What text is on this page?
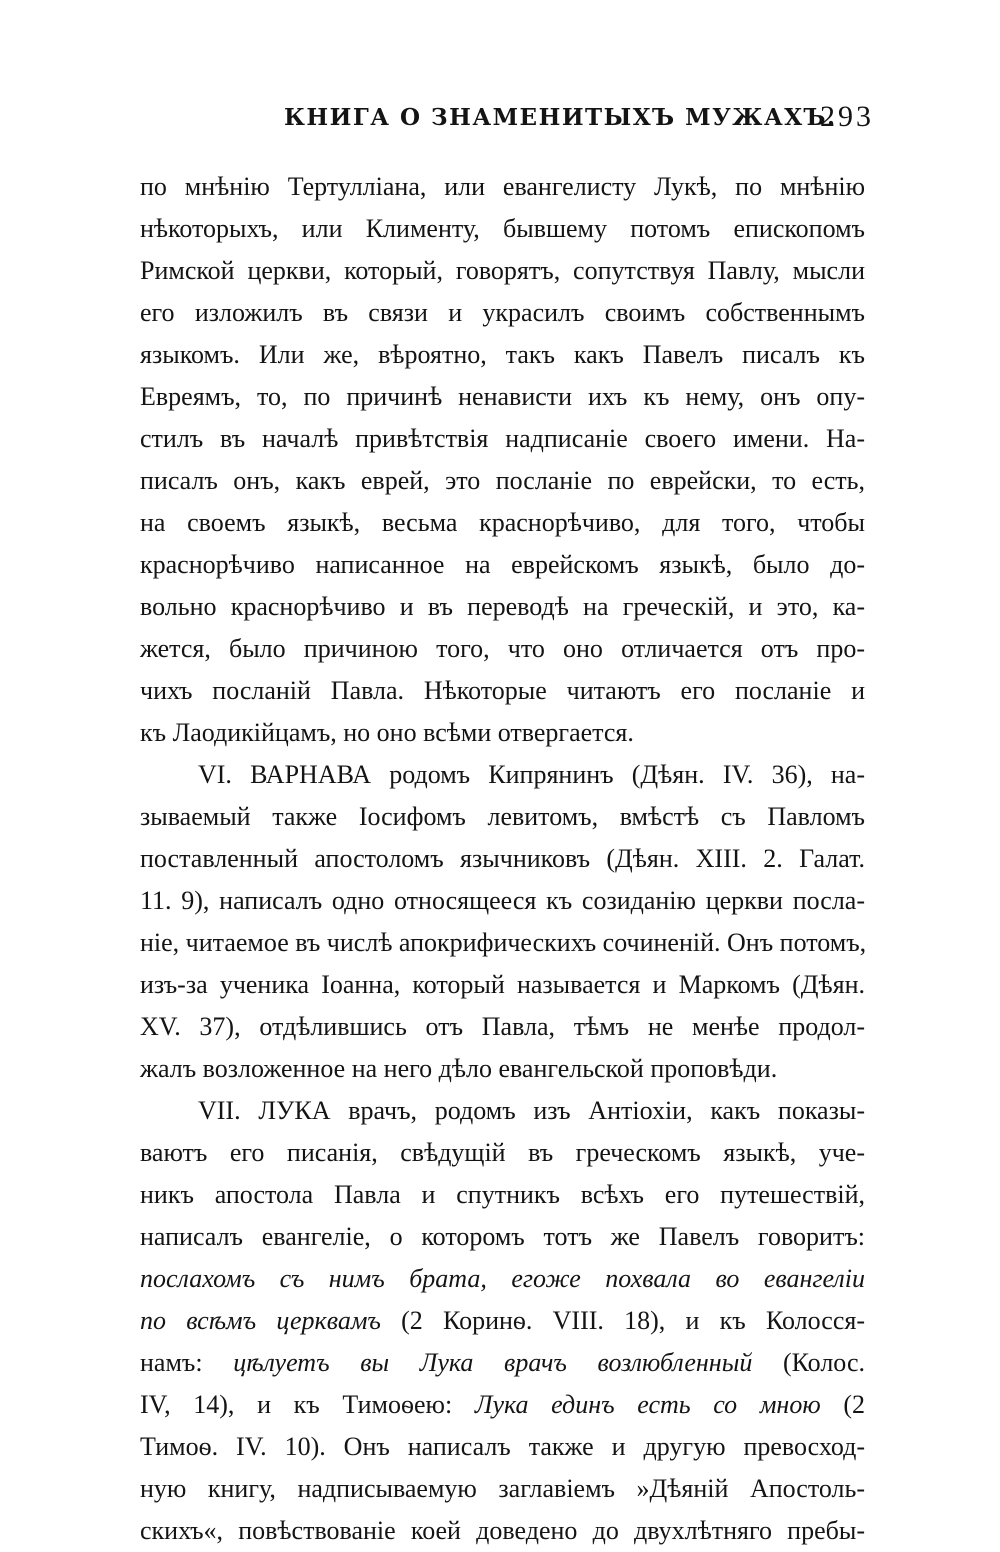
КНИГА О ЗНАМЕНИТЫХЪ МУЖАХЪ.
293
по мнѣнію Тертулліана, или евангелисту Лукѣ, по мнѣнію
нѣкоторыхъ, или Клименту, бывшему потомъ епископомъ
Римской церкви, который, говорятъ, сопутствуя Павлу, мысли
его изложилъ въ связи и украсилъ своимъ собственнымъ
языкомъ. Или же, вѣроятно, такъ какъ Павелъ писалъ къ
Евреямъ, то, по причинѣ ненависти ихъ къ нему, онъ опу-
стилъ въ началѣ привѣтствія надписаніе своего имени. На-
писалъ онъ, какъ еврей, это посланіе по еврейски, то есть,
на своемъ языкѣ, весьма краснорѣчиво, для того, чтобы
краснорѣчиво написанное на еврейскомъ языкѣ, было до-
вольно краснорѣчиво и въ переводѣ на греческій, и это, ка-
жется, было причиною того, что оно отличается отъ про-
чихъ посланій Павла. Нѣкоторые читаютъ его посланіе и
къ Лаодикійцамъ, но оно всѣми отвергается.
VI. ВАРНАВА родомъ Кипрянинъ (Дѣян. IV. 36), на-
зываемый также Іосифомъ левитомъ, вмѣстѣ съ Павломъ
поставленный апостоломъ язычниковъ (Дѣян. XIII. 2. Галат.
11. 9), написалъ одно относящееся къ созиданію церкви посла-
ніе, читаемое въ числѣ апокрифическихъ сочиненій. Онъ потомъ,
изъ-за ученика Іоанна, который называется и Маркомъ (Дѣян.
XV. 37), отдѣлившись отъ Павла, тѣмъ не менѣе продол-
жалъ возложенное на него дѣло евангельской проповѣди.
VII. ЛУКА врачъ, родомъ изъ Антіохіи, какъ показы-
ваютъ его писанія, свѣдущій въ греческомъ языкѣ, уче-
никъ апостола Павла и спутникъ всѣхъ его путешествій,
написалъ евангеліе, о которомъ тотъ же Павелъ говоритъ:
послахомъ съ нимъ брата, егоже похвала во евангеліи
по всѣмъ церквамъ (2 Коринѳ. VIII. 18), и къ Колосся-
намъ: цѣлуетъ вы Лука врачъ возлюбленный (Колос.
IV, 14), и къ Тимоѳею: Лука единъ есть со мною (2
Тимоѳ. IV. 10). Онъ написалъ также и другую превосход-
ную книгу, надписываемую заглавіемъ »Дѣяній Апостоль-
скихъ«, повѣствованіе коей доведено до двухлѣтняго пребы-
